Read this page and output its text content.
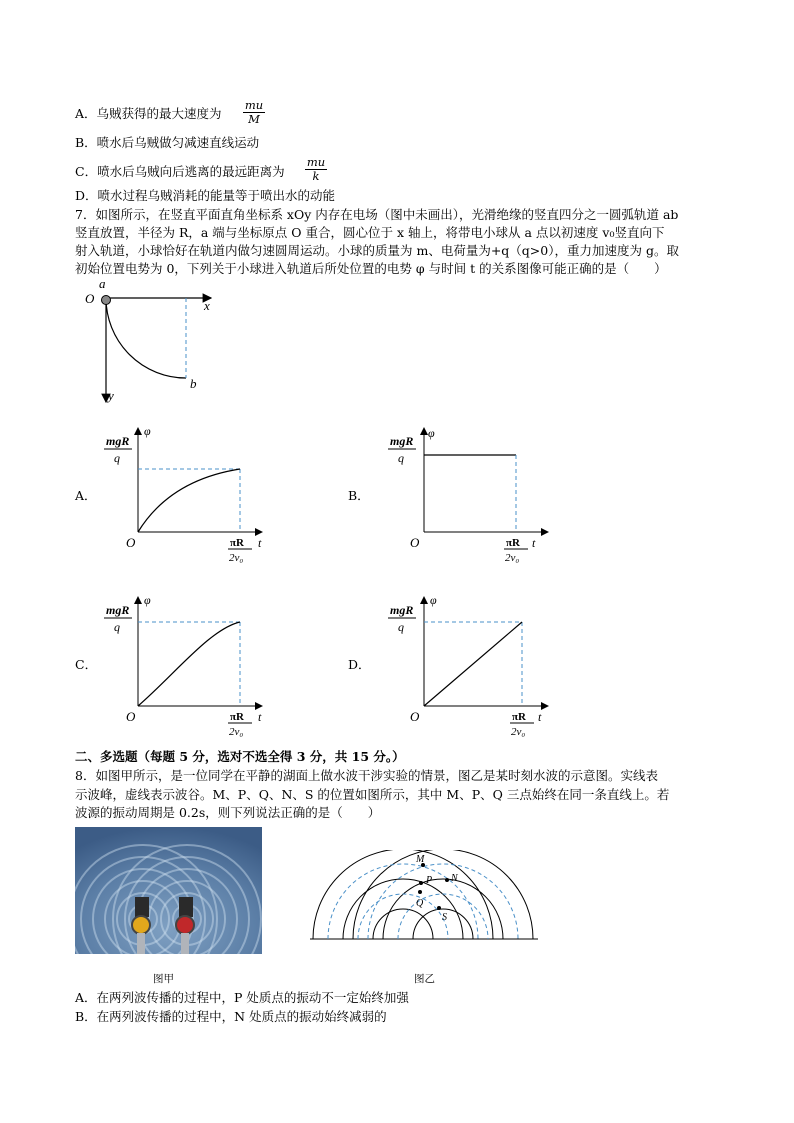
A．乌贼获得的最大速度为 $\frac{mu}{M}$
B．喷水后乌贼做匀减速直线运动
C．喷水后乌贼向后逃离的最远距离为 $\frac{mu}{k}$
D．喷水过程乌贼消耗的能量等于喷出水的动能
7．如图所示，在竖直平面直角坐标系 xOy 内存在电场（图中未画出），光滑绝缘的竖直四分之一圆弧轨道 ab
竖直放置，半径为 R，a 端与坐标原点 O 重合，圆心位于 x 轴上，将带电小球从 a 点以初速度 v₀竖直向下
射入轨道，小球恰好在轨道内做匀速圆周运动。小球的质量为 m、电荷量为+q（q>0），重力加速度为 g。取
初始位置电势为 0，下列关于小球进入轨道后所处位置的电势 φ 与时间 t 的关系图像可能正确的是（　　）
a
O	x
y
b
A．
mgR
q
φ
O	t
πR
2v₀
B．
mgR
q
φ
O	t
πR
2v₀
C．
mgR
q
φ
O	t
πR
2v₀
D．
mgR
q
φ
O	t
πR
2v₀
二、多选题（每题 5 分，选对不选全得 3 分，共 15 分。）
8．如图甲所示，是一位同学在平静的湖面上做水波干涉实验的情景，图乙是某时刻水波的示意图。实线表
示波峰，虚线表示波谷。M、P、Q、N、S 的位置如图所示，其中 M、P、Q 三点始终在同一条直线上。若
波源的振动周期是 0.2s，则下列说法正确的是（　　）
图甲
M
P N
Q
S
图乙
A．在两列波传播的过程中，P 处质点的振动不一定始终加强
B．在两列波传播的过程中，N 处质点的振动始终减弱的
